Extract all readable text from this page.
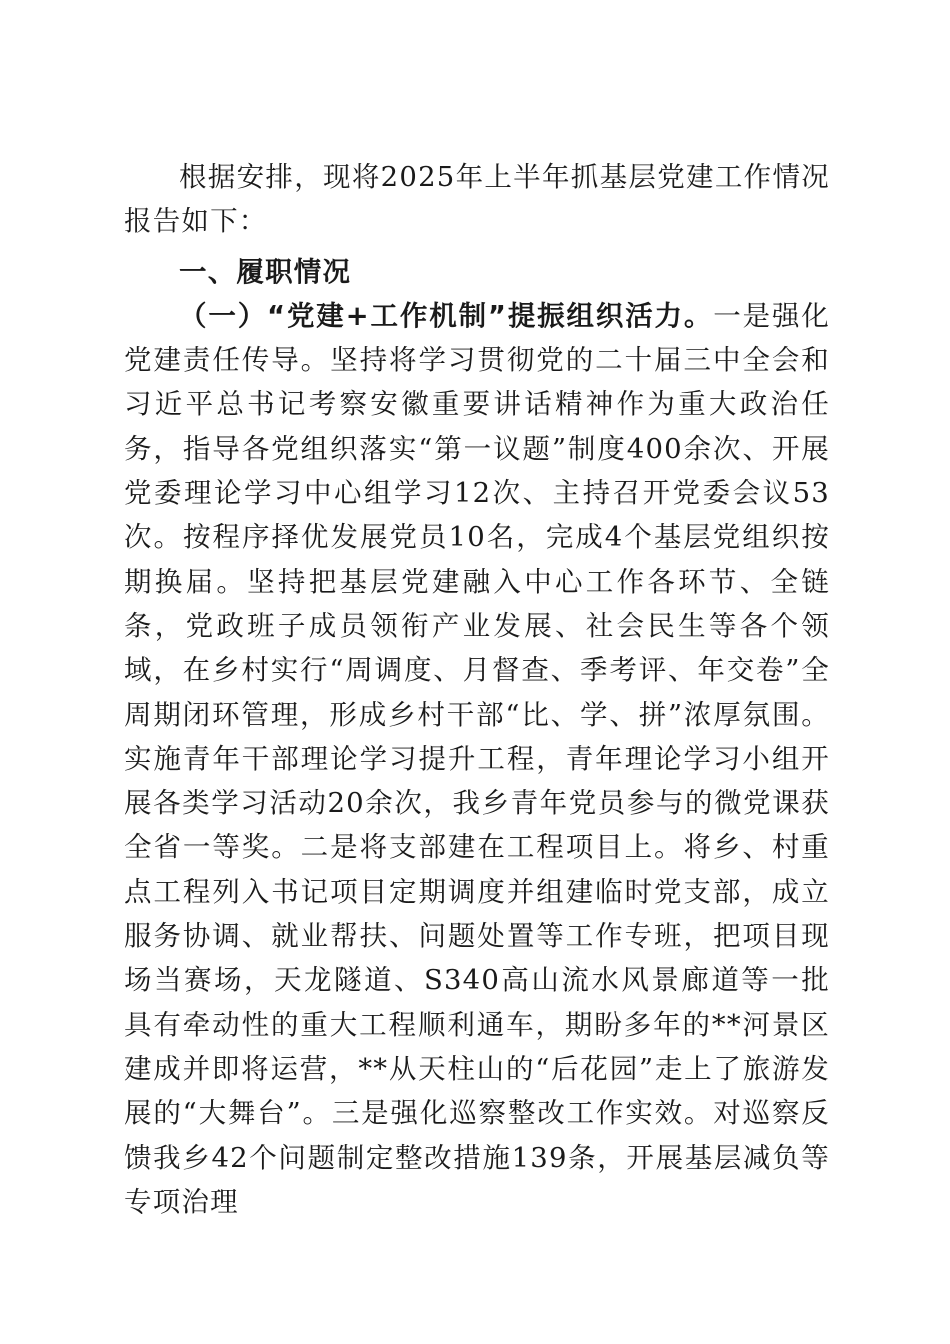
根据安排，现将2025年上半年抓基层党建工作情况报告如下：

一、履职情况

（一）“党建+工作机制”提振组织活力。一是强化党建责任传导。坚持将学习贯彻党的二十届三中全会和习近平总书记考察安徽重要讲话精神作为重大政治任务，指导各党组织落实“第一议题”制度400余次、开展党委理论学习中心组学习12次、主持召开党委会议53次。按程序择优发展党员10名，完成4个基层党组织按期换届。坚持把基层党建融入中心工作各环节、全链条，党政班子成员领衔产业发展、社会民生等各个领域，在乡村实行“周调度、月督查、季考评、年交卷”全周期闭环管理，形成乡村干部“比、学、拼”浓厚氛围。实施青年干部理论学习提升工程，青年理论学习小组开展各类学习活动20余次，我乡青年党员参与的微党课获全省一等奖。二是将支部建在工程项目上。将乡、村重点工程列入书记项目定期调度并组建临时党支部，成立服务协调、就业帮扶、问题处置等工作专班，把项目现场当赛场，天龙隧道、S340高山流水风景廊道等一批具有牵动性的重大工程顺利通车，期盼多年的**河景区建成并即将运营，**从天柱山的“后花园”走上了旅游发展的“大舞台”。三是强化巡察整改工作实效。对巡察反馈我乡42个问题制定整改措施139条，开展基层减负等专项治理
